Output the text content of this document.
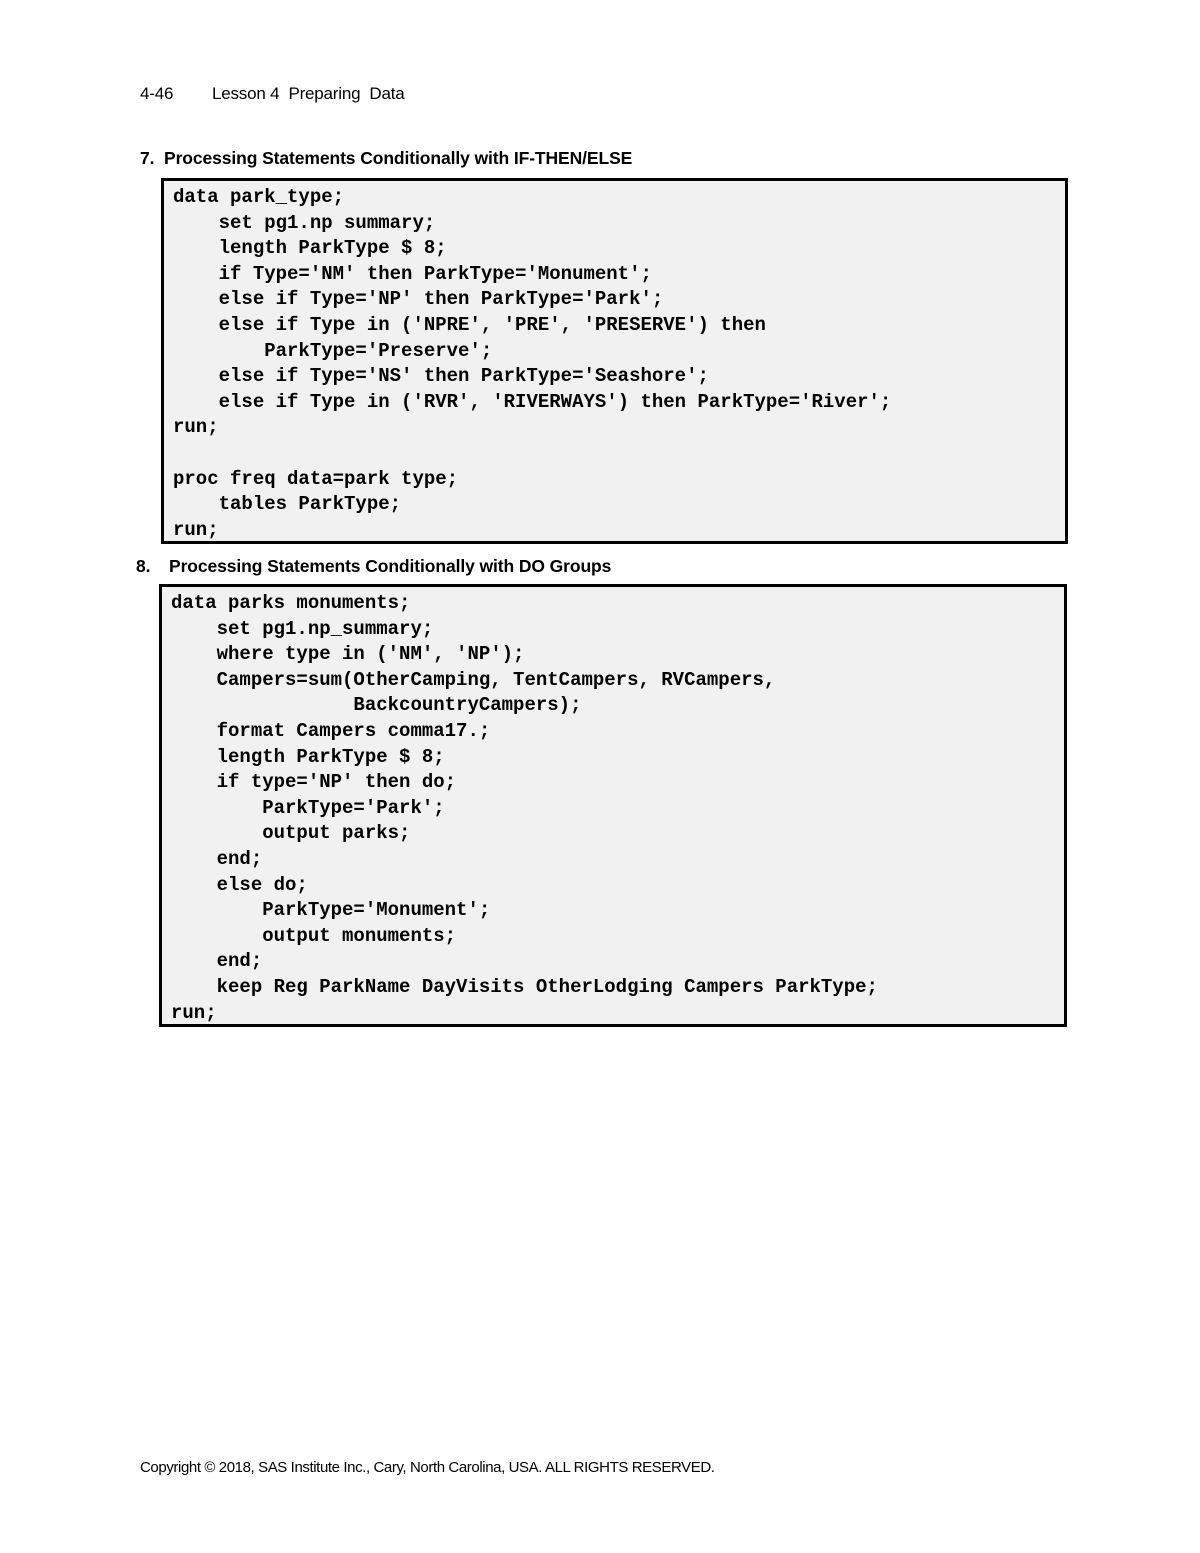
4-46 Lesson 4  Preparing  Data
7. Processing Statements Conditionally with IF-THEN/ELSE
data park_type;
set pg1.np summary;
length ParkType $ 8;
if Type='NM' then ParkType='Monument';
else if Type='NP' then ParkType='Park';
else if Type in ('NPRE', 'PRE', 'PRESERVE') then
ParkType='Preserve';
else if Type='NS' then ParkType='Seashore';
else if Type in ('RVR', 'RIVERWAYS') then ParkType='River';
run;
proc freq data=park type;
tables ParkType;
run;
8. Processing Statements Conditionally with DO Groups
data parks monuments;
set pg1.np_summary;
where type in ('NM', 'NP');
Campers=sum(OtherCamping, TentCampers, RVCampers,
BackcountryCampers);
format Campers comma17.;
length ParkType $ 8;
if type='NP' then do;
ParkType='Park';
output parks;
end;
else do;
ParkType='Monument';
output monuments;
end;
keep Reg ParkName DayVisits OtherLodging Campers ParkType;
run;
Copyright © 2018, SAS Institute Inc., Cary, North Carolina, USA. ALL RIGHTS RESERVED.
